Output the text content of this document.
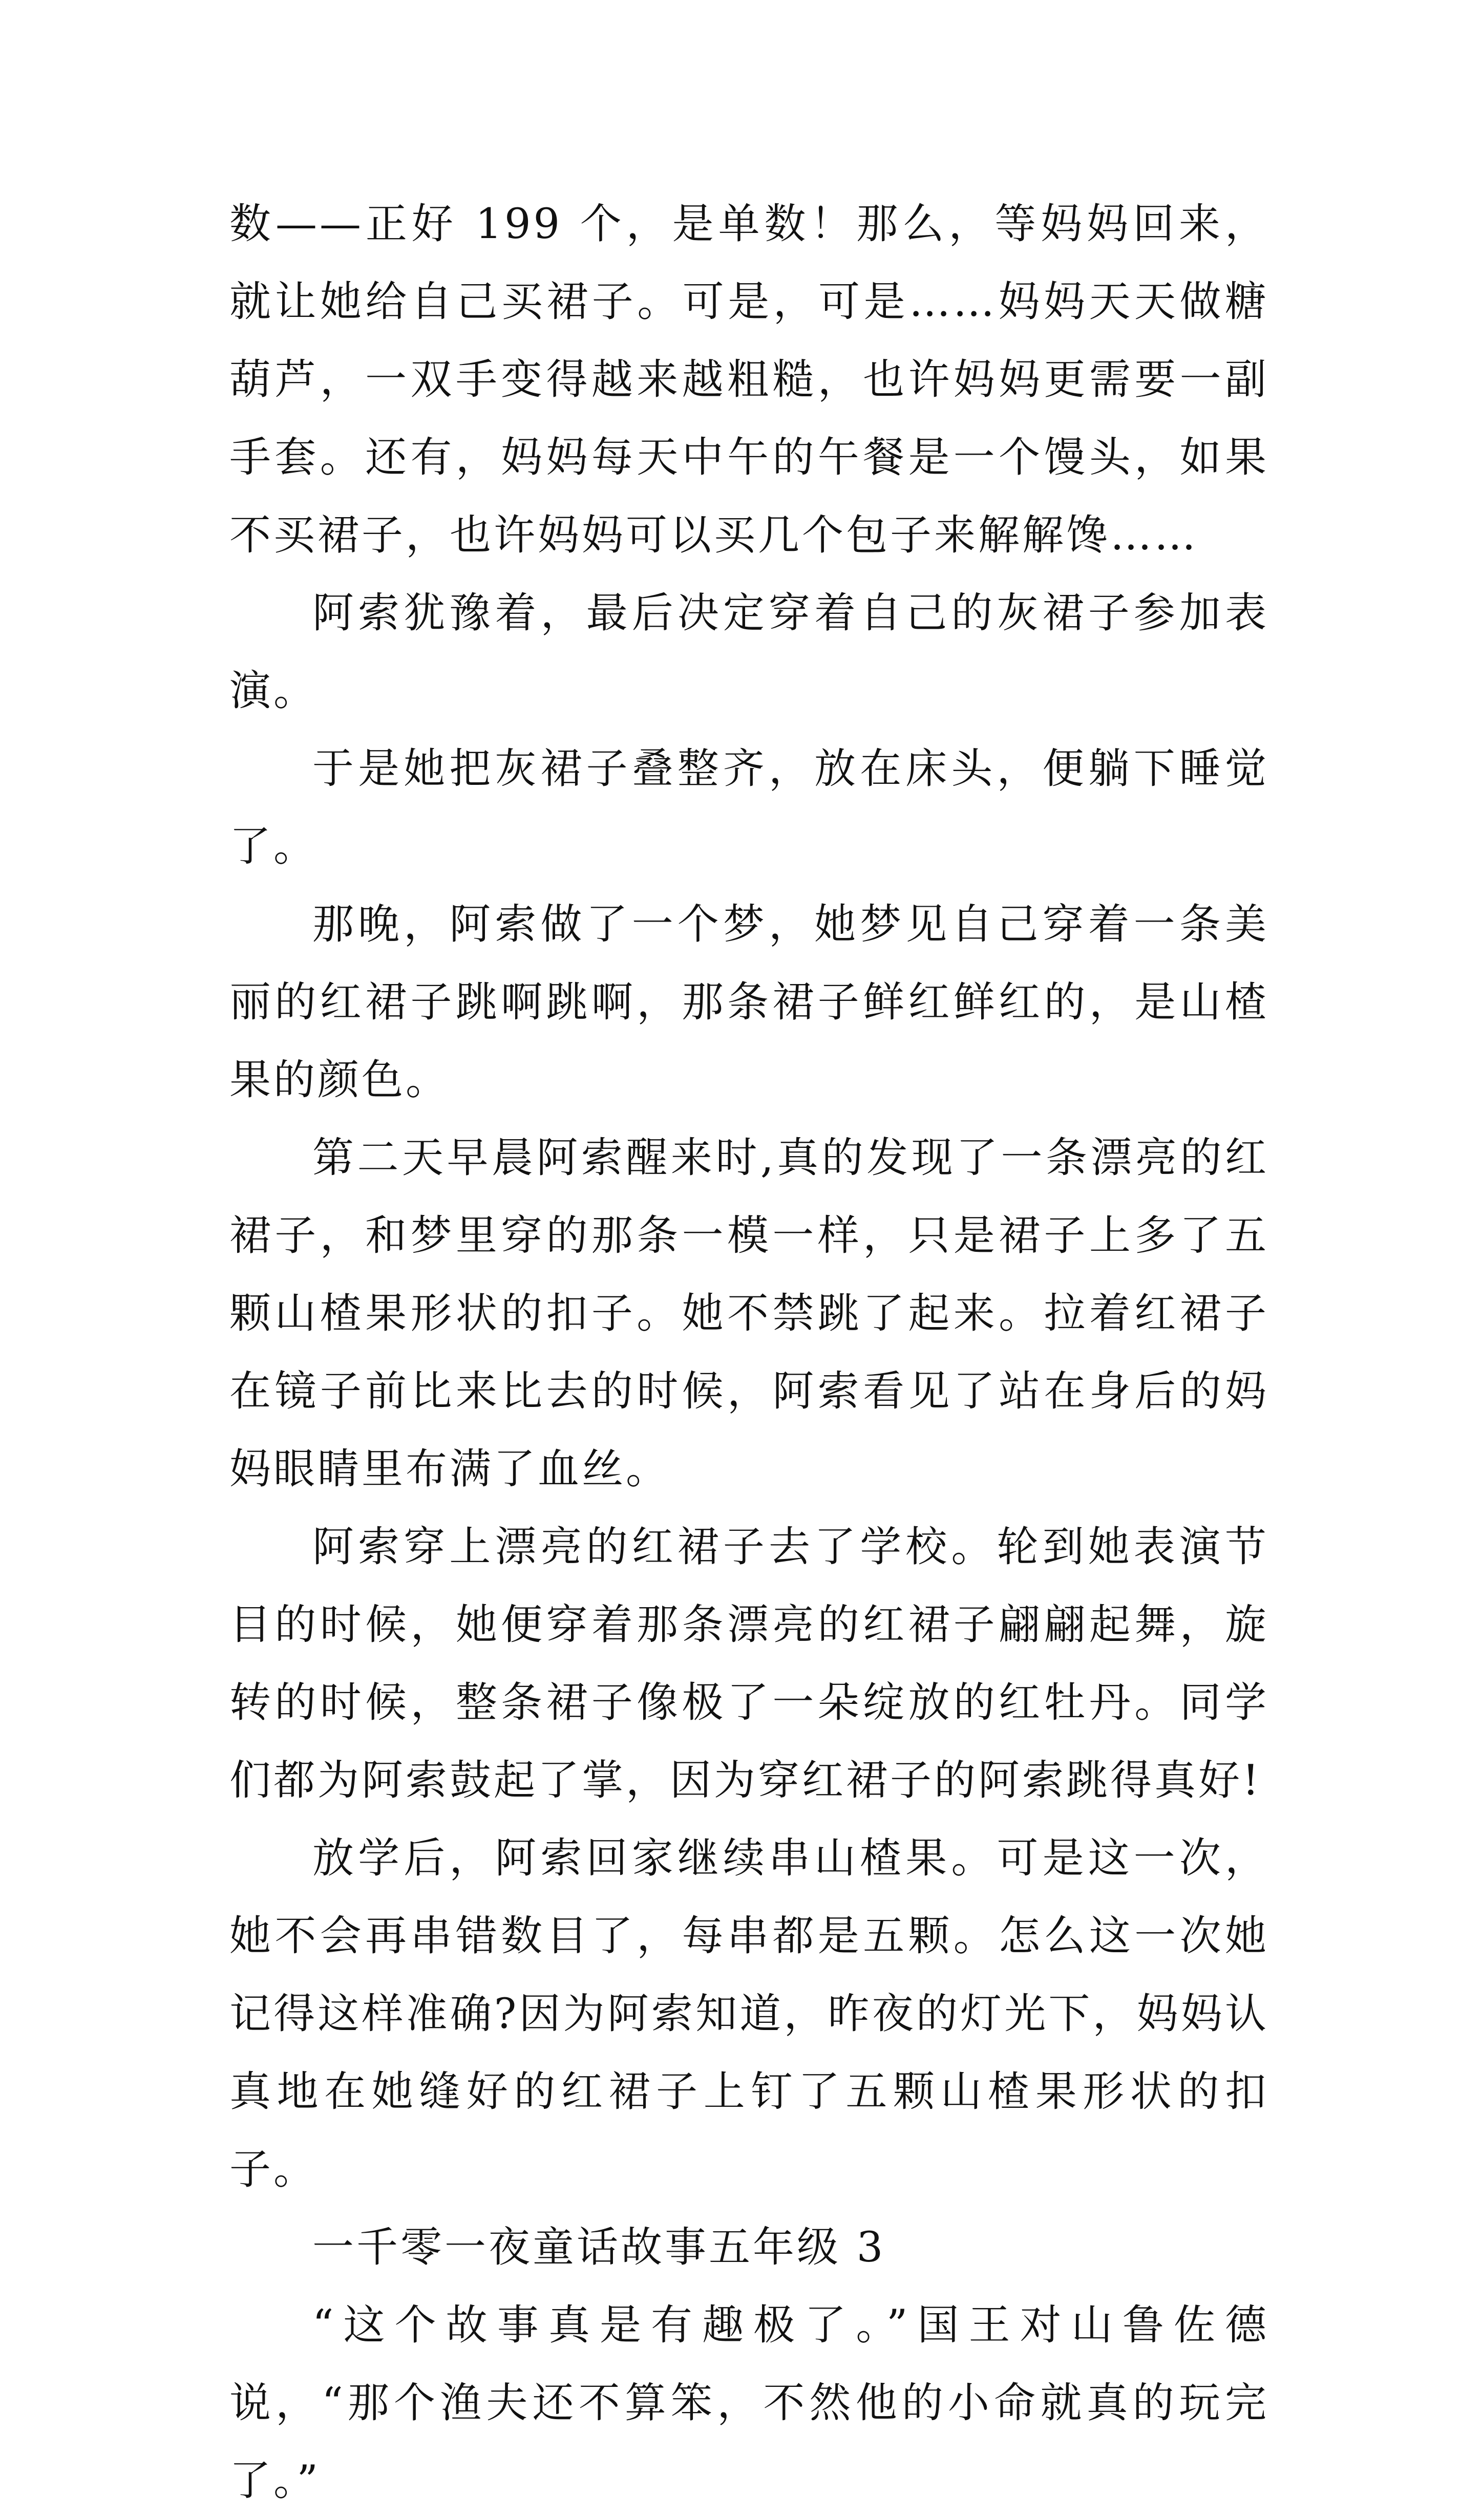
数——正好 199 个，是单数！那么，等妈妈回来，就让她给自己买裙子。可是，可是……妈妈天天做糖葫芦，一双手变得越来越粗糙，也许妈妈更需要一副手套。还有，妈妈每天中午的午餐是一个馒头，如果不买裙子，也许妈妈可以买几个包子来解解馋……

阿索犹豫着，最后决定穿着自己的灰裙子参加表演。

于是她把灰裙子叠整齐，放在床头，便躺下睡觉了。

那晚，阿索做了一个梦，她梦见自己穿着一条美丽的红裙子跳啊跳啊，那条裙子鲜红鲜红的，是山楂果的颜色。

第二天早晨阿索醒来时,真的发现了一条漂亮的红裙子，和梦里穿的那条一模一样，只是裙子上多了五颗山楂果形状的扣子。她不禁跳了起来。拉着红裙子在镜子前比来比去的时候，阿索看见了站在身后的妈妈眼睛里布满了血丝。

阿索穿上漂亮的红裙子去了学校。轮到她表演节目的时候，她便穿着那条漂亮的红裙子翩翩起舞，旋转的时候，整条裙子像极了一朵绽放的红牡丹。同学们都为阿索鼓起了掌，因为穿红裙子的阿索跳得真好!

放学后，阿索回家继续串山楂果。可是这一次，她不会再串错数目了，每串都是五颗。怎么这一次她记得这样准确?因为阿索知道，昨夜的灯光下，妈妈认真地在她缝好的红裙子上钉了五颗山楂果形状的扣子。

一千零一夜童话故事五年级 3

“这个故事真是有趣极了。”国王对山鲁佐德说，“那个渔夫还不算笨，不然他的小命就真的玩完了。”
